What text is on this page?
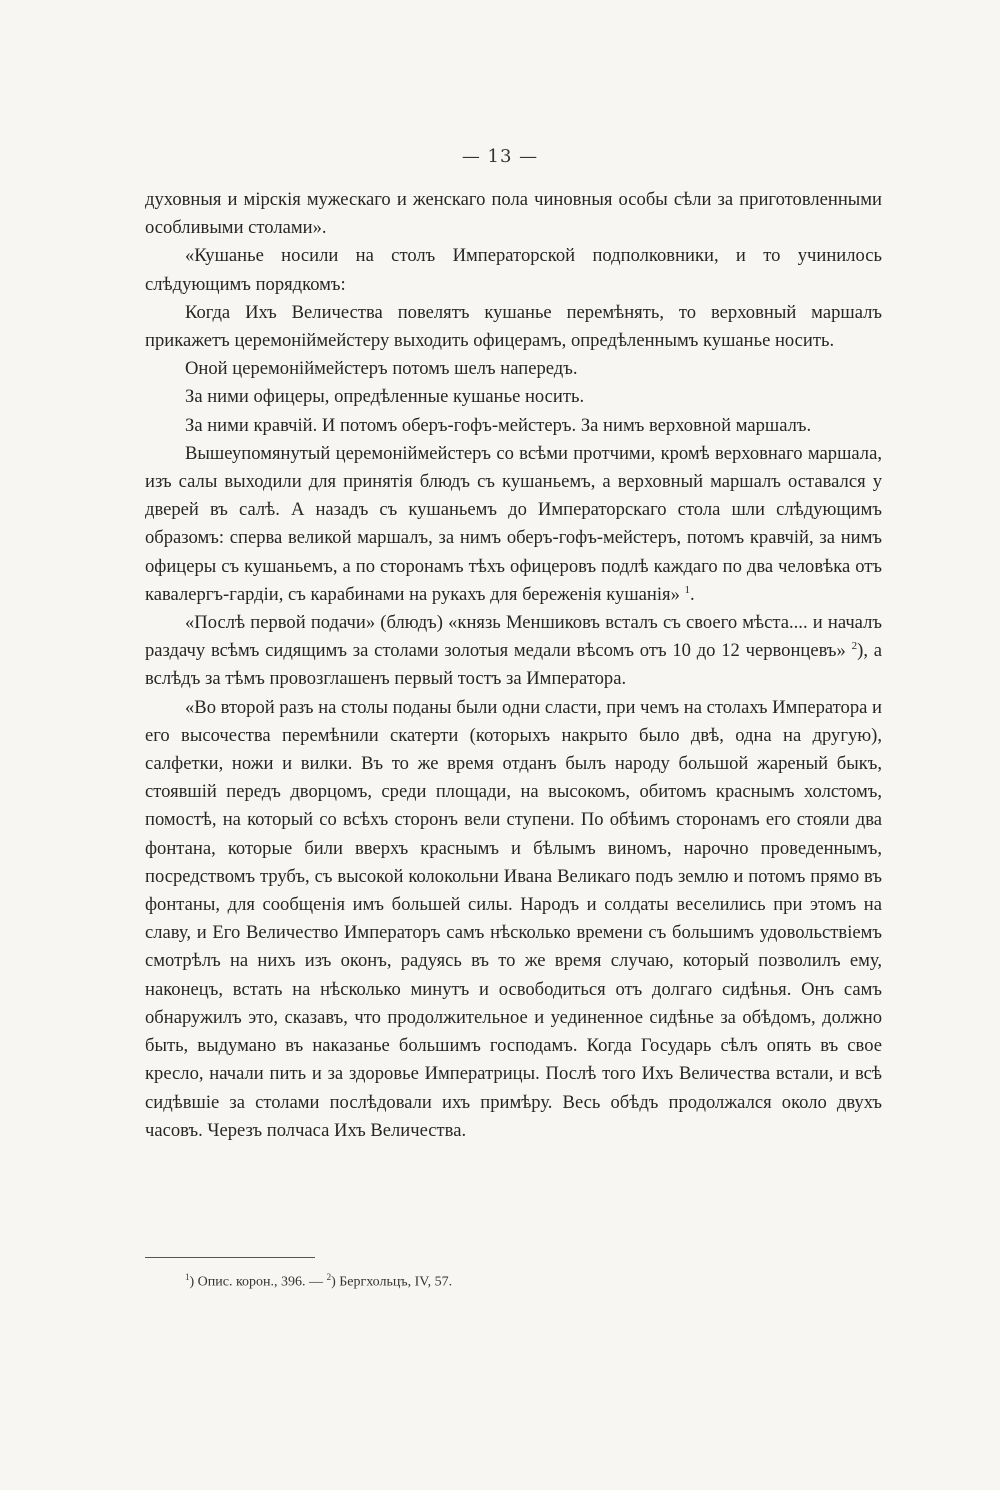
— 13 —

духовныя и мірскія мужескаго и женскаго пола чиновныя особы сѣли за приготовленными особливыми столами».

«Кушанье носили на столъ Императорской подполковники, и то учинилось слѣдующимъ порядкомъ:

Когда Ихъ Величества повелятъ кушанье перемѣнять, то верховный маршалъ прикажетъ церемоніймейстеру выходить офицерамъ, опредѣленнымъ кушанье носить.

Оной церемоніймейстеръ потомъ шелъ напередъ.

За ними офицеры, опредѣленные кушанье носить.

За ними кравчій. И потомъ оберъ-гофъ-мейстеръ. За нимъ верховной маршалъ.

Вышеупомянутый церемоніймейстеръ со всѣми протчими, кромѣ верховнаго маршала, изъ салы выходили для принятія блюдъ съ кушаньемъ, а верховный маршалъ оставался у дверей въ салѣ. А назадъ съ кушаньемъ до Императорскаго стола шли слѣдующимъ образомъ: сперва великой маршалъ, за нимъ оберъ-гофъ-мейстеръ, потомъ кравчій, за нимъ офицеры съ кушаньемъ, а по сторонамъ тѣхъ офицеровъ подлѣ каждаго по два человѣка отъ кавалергъ-гардіи, съ карабинами на рукахъ для береженія кушанія» $^1$.

«Послѣ первой подачи» (блюдъ) «князь Меншиковъ всталъ съ своего мѣста.... и началъ раздачу всѣмъ сидящимъ за столами золотыя медали вѣсомъ отъ 10 до 12 червонцевъ» $^2$), а вслѣдъ за тѣмъ провозглашенъ первый тостъ за Императора.

«Во второй разъ на столы поданы были одни сласти, при чемъ на столахъ Императора и его высочества перемѣнили скатерти (которыхъ накрыто было двѣ, одна на другую), салфетки, ножи и вилки. Въ то же время отданъ былъ народу большой жареный быкъ, стоявшій передъ дворцомъ, среди площади, на высокомъ, обитомъ краснымъ холстомъ, помостѣ, на который со всѣхъ сторонъ вели ступени. По обѣимъ сторонамъ его стояли два фонтана, которые били вверхъ краснымъ и бѣлымъ виномъ, нарочно проведеннымъ, посредствомъ трубъ, съ высокой колокольни Ивана Великаго подъ землю и потомъ прямо въ фонтаны, для сообщенія имъ большей силы. Народъ и солдаты веселились при этомъ на славу, и Его Величество Императоръ самъ нѣсколько времени съ большимъ удовольствіемъ смотрѣлъ на нихъ изъ оконъ, радуясь въ то же время случаю, который позволилъ ему, наконецъ, встать на нѣсколько минутъ и освободиться отъ долгаго сидѣнья. Онъ самъ обнаружилъ это, сказавъ, что продолжительное и уединенное сидѣнье за обѣдомъ, должно быть, выдумано въ наказанье большимъ господамъ. Когда Государь сѣлъ опять въ свое кресло, начали пить и за здоровье Императрицы. Послѣ того Ихъ Величества встали, и всѣ сидѣвшіе за столами послѣдовали ихъ примѣру. Весь обѣдъ продолжался около двухъ часовъ. Черезъ полчаса Ихъ Величества.

$^1$) Опис. корон., 396. — $^2$) Бергхольцъ, IV, 57.
